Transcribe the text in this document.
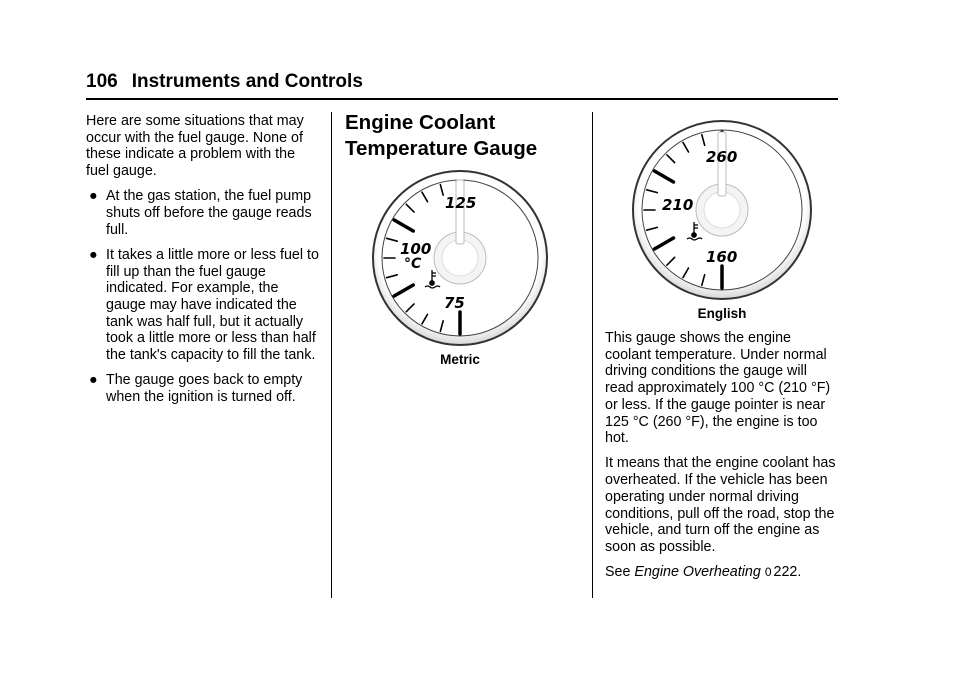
106 Instruments and Controls

Here are some situations that may occur with the fuel gauge. None of these indicate a problem with the fuel gauge.

● At the gas station, the fuel pump shuts off before the gauge reads full.
● It takes a little more or less fuel to fill up than the fuel gauge indicated. For example, the gauge may have indicated the tank was half full, but it actually took a little more or less than half the tank's capacity to fill the tank.
● The gauge goes back to empty when the ignition is turned off.
Engine Coolant
Temperature Gauge
125
100
°C
75
Metric
260
210
160
English

This gauge shows the engine coolant temperature. Under normal driving conditions the gauge will read approximately 100 °C (210 °F) or less. If the gauge pointer is near 125 °C (260 °F), the engine is too hot.

It means that the engine coolant has overheated. If the vehicle has been operating under normal driving conditions, pull off the road, stop the vehicle, and turn off the engine as soon as possible.

See Engine Overheating 0 222.
